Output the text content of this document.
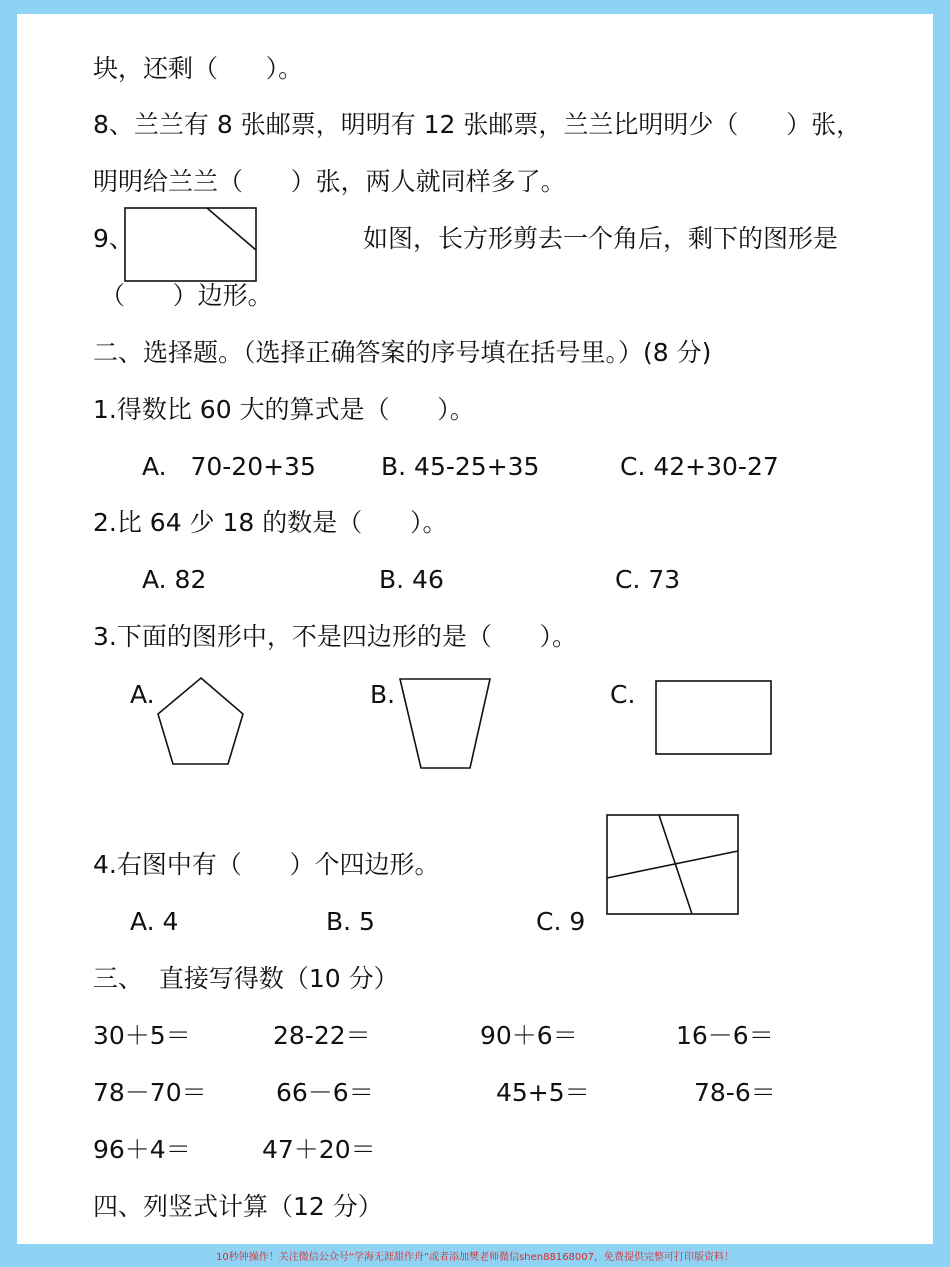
块，还剩（      ）。
8、兰兰有 8 张邮票，明明有 12 张邮票，兰兰比明明少（      ）张，
明明给兰兰（      ）张，两人就同样多了。
9、	如图，长方形剪去一个角后，剩下的图形是
（      ）边形。
二、选择题。（选择正确答案的序号填在括号里。）(8 分)
1.得数比 60 大的算式是（      ）。
A.   70-20+35	B. 45-25+35	C. 42+30-27
2.比 64 少 18 的数是（      ）。
A. 82	B. 46	C. 73
3.下面的图形中，不是四边形的是（      ）。
A.	B.	C.
4.右图中有（      ）个四边形。
A. 4	B. 5	C. 9
三、  直接写得数（10 分）
30＋5＝	28-22＝	90＋6＝	16－6＝
78－70＝	66－6＝	45+5＝	78-6＝
96＋4＝	47＋20＝
四、列竖式计算（12 分）
10秒钟操作！关注微信公众号“学海无涯甜作舟”或者添加樊老师微信shen88168007，免费提供完整可打印版资料！
